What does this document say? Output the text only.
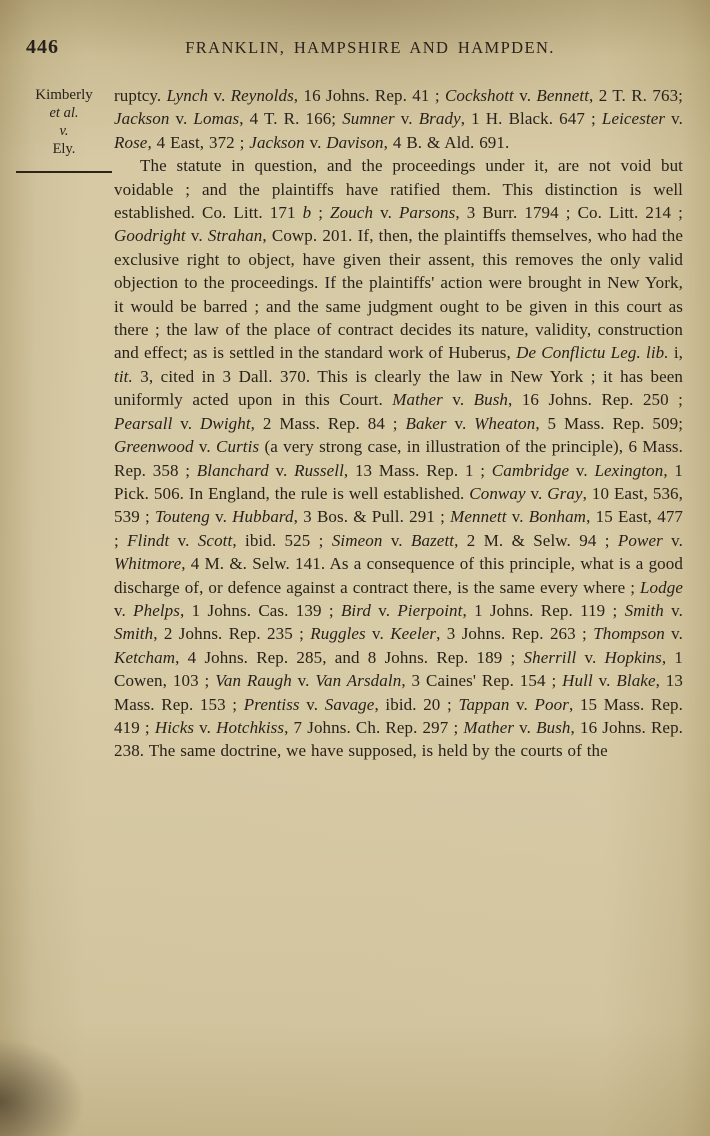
446	FRANKLIN, HAMPSHIRE AND HAMPDEN.
Kimberly
et al.
v.
Ely.

ruptcy. Lynch v. Reynolds, 16 Johns. Rep. 41 ; Cockshott v. Bennett, 2 T. R. 763; Jackson v. Lomas, 4 T. R. 166; Sumner v. Brady, 1 H. Black. 647 ; Leicester v. Rose, 4 East, 372 ; Jackson v. Davison, 4 B. & Ald. 691.

The statute in question, and the proceedings under it, are not void but voidable ; and the plaintiffs have ratified them. This distinction is well established. Co. Litt. 171 b ; Zouch v. Parsons, 3 Burr. 1794 ; Co. Litt. 214 ; Goodright v. Strahan, Cowp. 201. If, then, the plaintiffs themselves, who had the exclusive right to object, have given their assent, this removes the only valid objection to the proceedings. If the plaintiffs' action were brought in New York, it would be barred ; and the same judgment ought to be given in this court as there ; the law of the place of contract decides its nature, validity, construction and effect; as is settled in the standard work of Huberus, De Conflictu Leg. lib. i, tit. 3, cited in 3 Dall. 370. This is clearly the law in New York ; it has been uniformly acted upon in this Court. Mather v. Bush, 16 Johns. Rep. 250 ; Pearsall v. Dwight, 2 Mass. Rep. 84 ; Baker v. Wheaton, 5 Mass. Rep. 509; Greenwood v. Curtis (a very strong case, in illustration of the principle), 6 Mass. Rep. 358 ; Blanchard v. Russell, 13 Mass. Rep. 1 ; Cambridge v. Lexington, 1 Pick. 506. In England, the rule is well established. Conway v. Gray, 10 East, 536, 539 ; Touteng v. Hubbard, 3 Bos. & Pull. 291 ; Mennett v. Bonham, 15 East, 477 ; Flindt v. Scott, ibid. 525 ; Simeon v. Bazett, 2 M. & Selw. 94 ; Power v. Whitmore, 4 M. &. Selw. 141. As a consequence of this principle, what is a good discharge of, or defence against a contract there, is the same every where ; Lodge v. Phelps, 1 Johns. Cas. 139 ; Bird v. Pierpoint, 1 Johns. Rep. 119 ; Smith v. Smith, 2 Johns. Rep. 235 ; Ruggles v. Keeler, 3 Johns. Rep. 263 ; Thompson v. Ketcham, 4 Johns. Rep. 285, and 8 Johns. Rep. 189 ; Sherrill v. Hopkins, 1 Cowen, 103 ; Van Raugh v. Van Arsdaln, 3 Caines' Rep. 154 ; Hull v. Blake, 13 Mass. Rep. 153 ; Prentiss v. Savage, ibid. 20 ; Tappan v. Poor, 15 Mass. Rep. 419 ; Hicks v. Hotchkiss, 7 Johns. Ch. Rep. 297 ; Mather v. Bush, 16 Johns. Rep. 238. The same doctrine, we have supposed, is held by the courts of the
